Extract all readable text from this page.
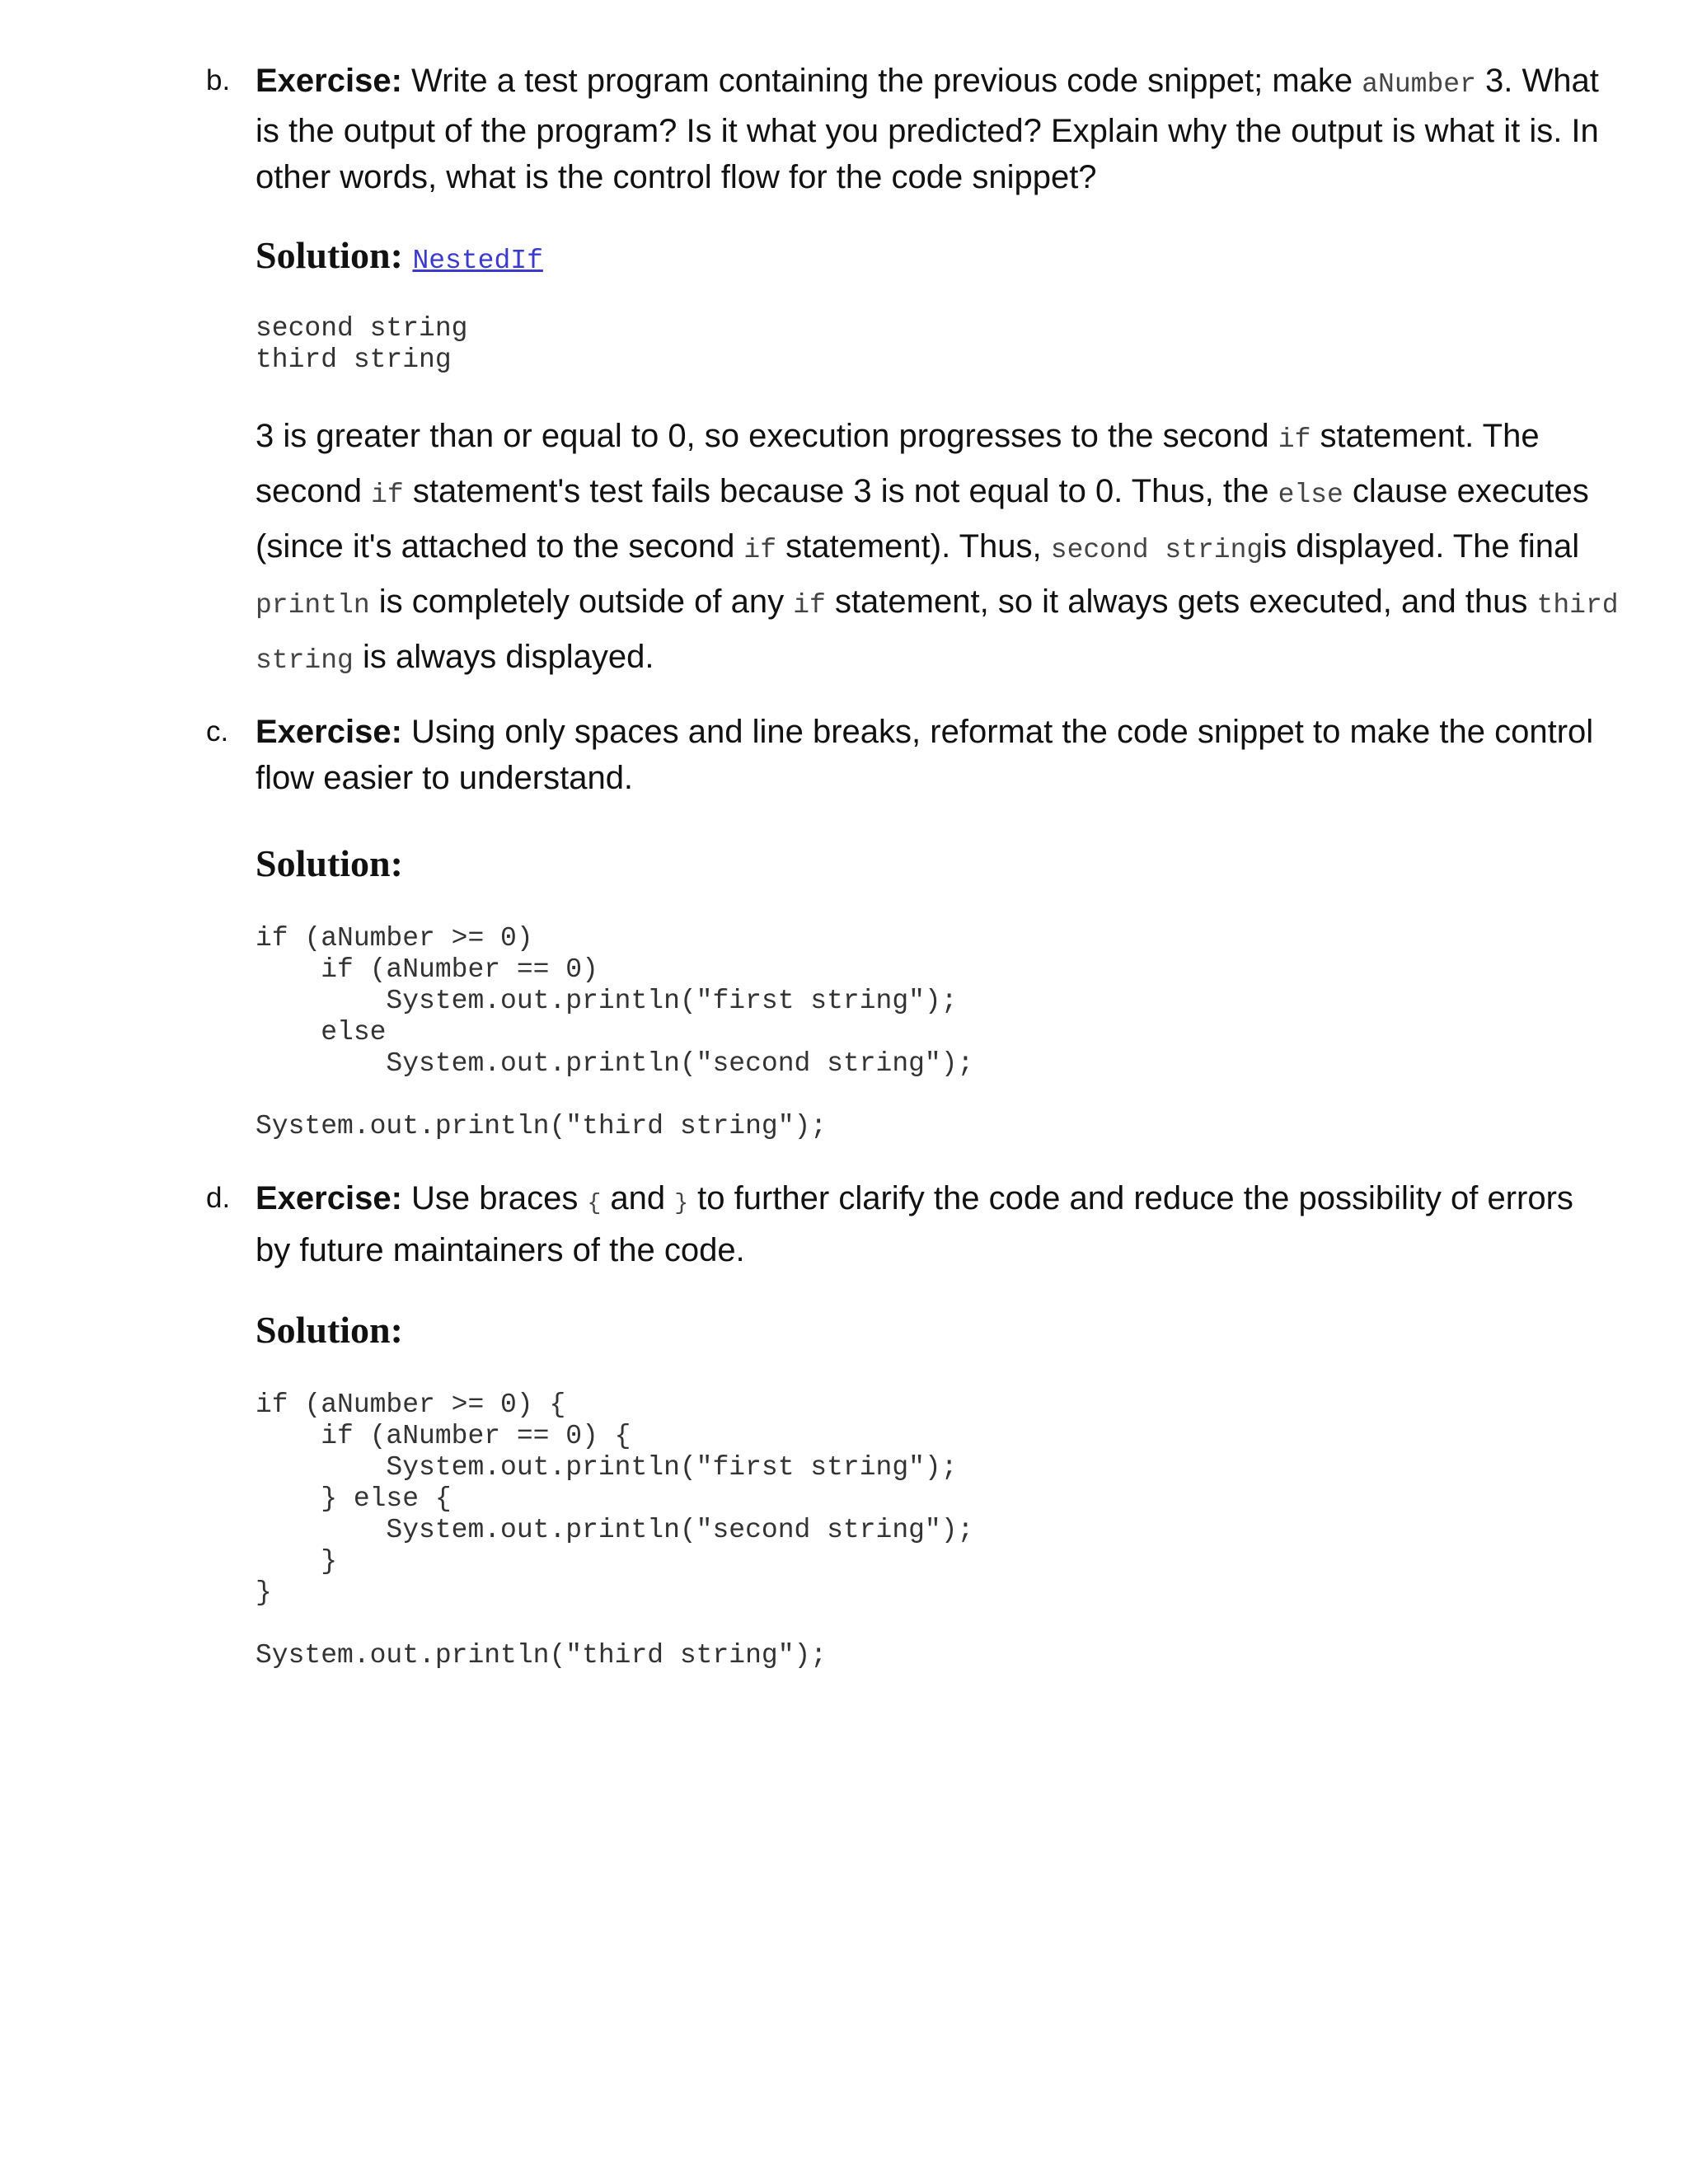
b. Exercise: Write a test program containing the previous code snippet; make aNumber 3. What is the output of the program? Is it what you predicted? Explain why the output is what it is. In other words, what is the control flow for the code snippet?
Solution: NestedIf
second string
third string
3 is greater than or equal to 0, so execution progresses to the second if statement. The second if statement's test fails because 3 is not equal to 0. Thus, the else clause executes (since it's attached to the second if statement). Thus, second stringis displayed. The final println is completely outside of any if statement, so it always gets executed, and thus third string is always displayed.
c. Exercise: Using only spaces and line breaks, reformat the code snippet to make the control flow easier to understand.
Solution:
if (aNumber >= 0)
if (aNumber == 0)
System.out.println("first string");
else
System.out.println("second string");
System.out.println("third string");
d. Exercise: Use braces { and } to further clarify the code and reduce the possibility of errors by future maintainers of the code.
Solution:
if (aNumber >= 0) {
if (aNumber == 0) {
System.out.println("first string");
} else {
System.out.println("second string");
}
}
System.out.println("third string");
